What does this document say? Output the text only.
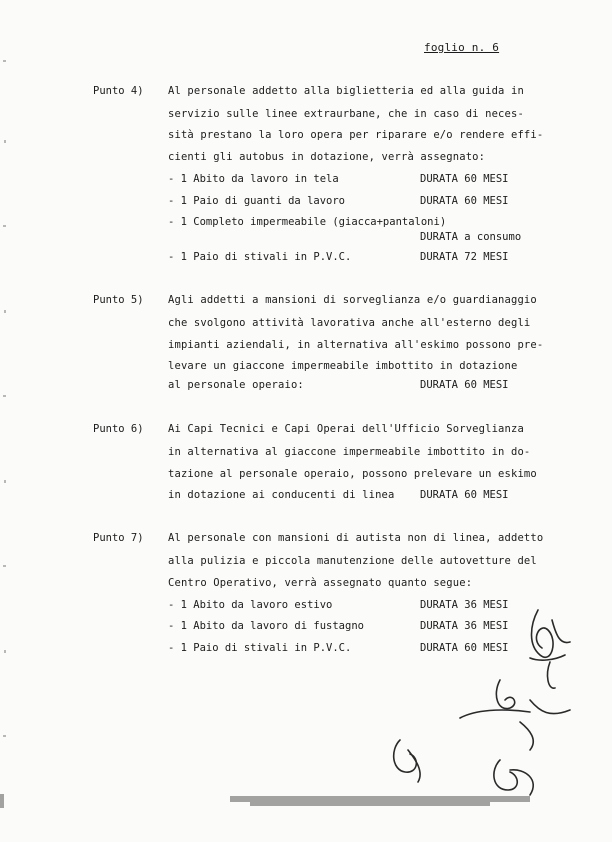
foglio n. 6
Punto 4) Al personale addetto alla biglietteria ed alla guida in
servizio sulle linee extraurbane, che in caso di neces-
sità prestano la loro opera per riparare e/o rendere effi-
cienti gli autobus in dotazione, verrà assegnato:
- 1 Abito da lavoro in tela	DURATA 60 MESI
- 1 Paio di guanti da lavoro	DURATA 60 MESI
- 1 Completo impermeabile (giacca+pantaloni)
DURATA a consumo
- 1 Paio di stivali in P.V.C.	DURATA 72 MESI
Punto 5) Agli addetti a mansioni di sorveglianza e/o guardianaggio
che svolgono attività lavorativa anche all'esterno degli
impianti aziendali, in alternativa all'eskimo possono pre-
levare un giaccone impermeabile imbottito in dotazione
al personale operaio:	DURATA 60 MESI
Punto 6) Ai Capi Tecnici e Capi Operai dell'Ufficio Sorveglianza
in alternativa al giaccone impermeabile imbottito in do-
tazione al personale operaio, possono prelevare un eskimo
in dotazione ai conducenti di linea DURATA 60 MESI
Punto 7) Al personale con mansioni di autista non di linea, addetto
alla pulizia e piccola manutenzione delle autovetture del
Centro Operativo, verrà assegnato quanto segue:
- 1 Abito da lavoro estivo	DURATA 36 MESI
- 1 Abito da lavoro di fustagno	DURATA 36 MESI
- 1 Paio di stivali in P.V.C.	DURATA 60 MESI
